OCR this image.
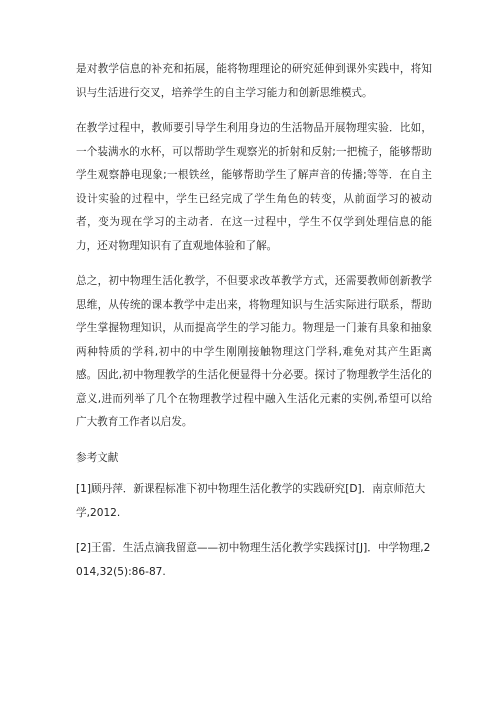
是对教学信息的补充和拓展，能将物理理论的研究延伸到课外实践中，将知识与生活进行交叉，培养学生的自主学习能力和创新思维模式。

在教学过程中，教师要引导学生利用身边的生活物品开展物理实验．比如，一个装满水的水杯，可以帮助学生观察光的折射和反射;一把梳子，能够帮助学生观察静电现象;一根铁丝，能够帮助学生了解声音的传播;等等．在自主设计实验的过程中，学生已经完成了学生角色的转变，从前面学习的被动者，变为现在学习的主动者．在这一过程中，学生不仅学到处理信息的能力，还对物理知识有了直观地体验和了解。

总之，初中物理生活化教学，不但要求改革教学方式，还需要教师创新教学思维，从传统的课本教学中走出来，将物理知识与生活实际进行联系，帮助学生掌握物理知识，从而提高学生的学习能力。物理是一门兼有具象和抽象两种特质的学科,初中的中学生刚刚接触物理这门学科,难免对其产生距离感。因此,初中物理教学的生活化便显得十分必要。探讨了物理教学生活化的意义,进而列举了几个在物理教学过程中融入生活化元素的实例,希望可以给广大教育工作者以启发。

参考文献

[1]顾丹萍．新课程标准下初中物理生活化教学的实践研究[D]．南京师范大学,2012.

[2]王雷．生活点滴我留意——初中物理生活化教学实践探讨[J]．中学物理,2014,32(5):86-87.
